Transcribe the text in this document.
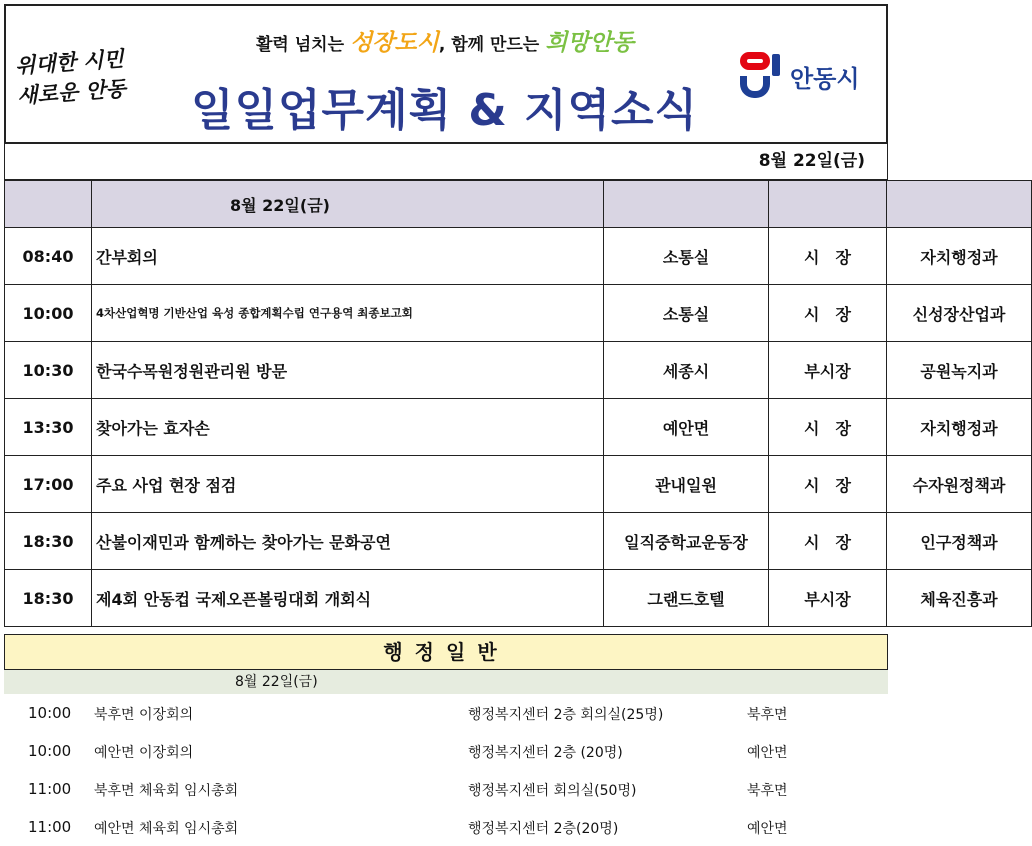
위대한 시민
새로운 안동
활력 넘치는 성장도시, 함께 만드는 희망안동
일일업무계획 & 지역소식
안동시
8월 22일(금)
	8월 22일(금)			
08:40	간부회의	소통실	시　장	자치행정과
10:00	4차산업혁명 기반산업 육성 종합계획수립 연구용역 최종보고회	소통실	시　장	신성장산업과
10:30	한국수목원정원관리원 방문	세종시	부시장	공원녹지과
13:30	찾아가는 효자손	예안면	시　장	자치행정과
17:00	주요 사업 현장 점검	관내일원	시　장	수자원정책과
18:30	산불이재민과 함께하는 찾아가는 문화공연	일직중학교운동장	시　장	인구정책과
18:30	제4회 안동컵 국제오픈볼링대회 개회식	그랜드호텔	부시장	체육진흥과
행정일반
8월 22일(금)
10:00 북후면 이장회의	행정복지센터 2층 회의실(25명)	북후면
10:00 예안면 이장회의	행정복지센터 2층 (20명)	예안면
11:00 북후면 체육회 임시총회	행정복지센터 회의실(50명)	북후면
11:00 예안면 체육회 임시총회	행정복지센터 2층(20명)	예안면
